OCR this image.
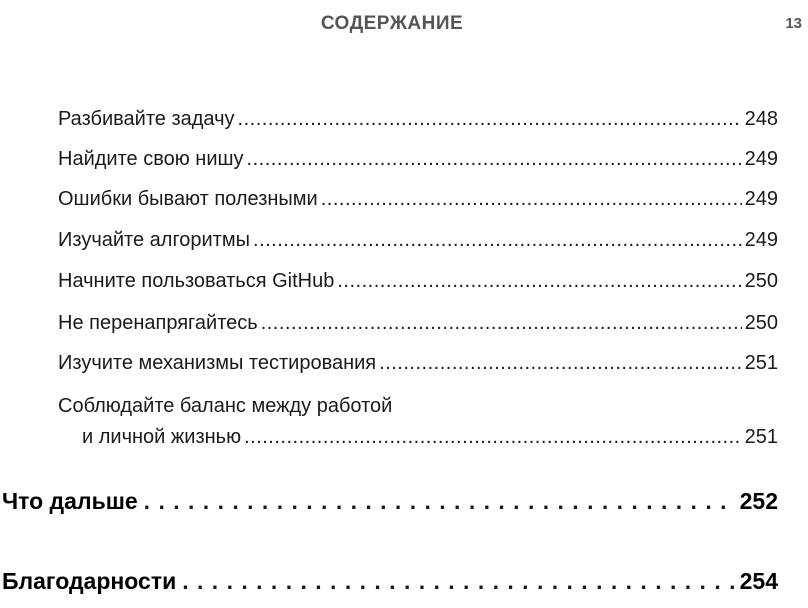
СОДЕРЖАНИЕ	13
Разбивайте задачу .....	248
Найдите свою нишу .....	249
Ошибки бывают полезными .....	249
Изучайте алгоритмы .....	249
Начните пользоваться GitHub .....	250
Не перенапрягайтесь .....	250
Изучите механизмы тестирования .....	251
Соблюдайте баланс между работой
и личной жизнью .....	251
Что дальше . . .	252
Благодарности . . .	254
